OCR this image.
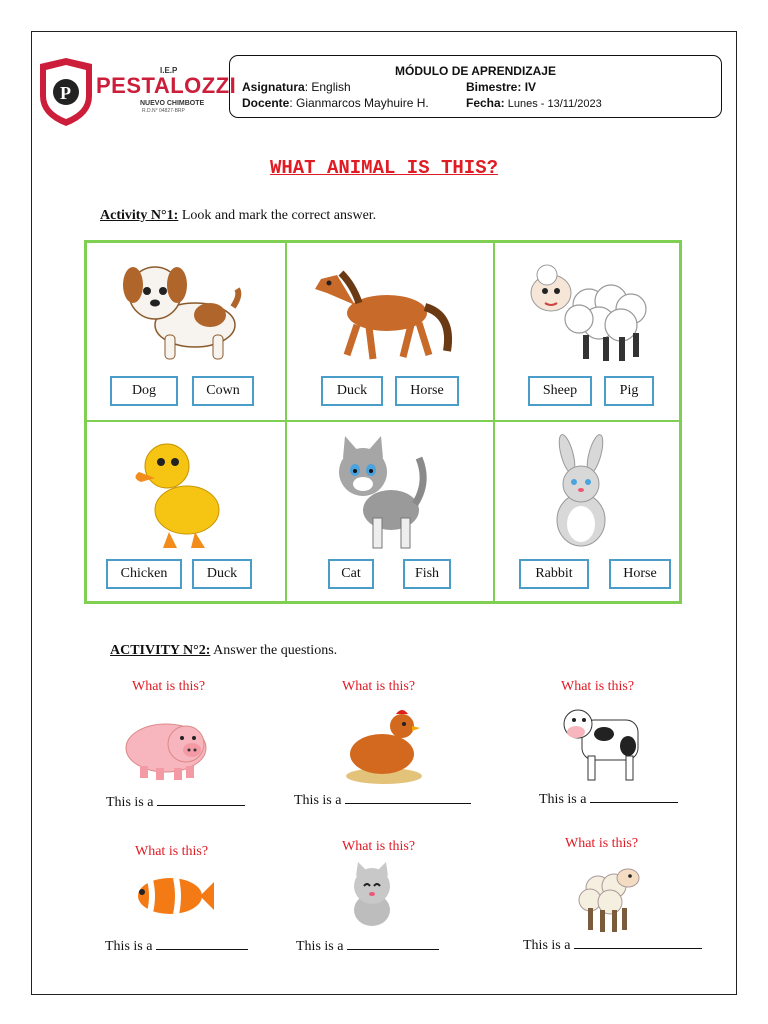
P
I.E.P
PESTALOZZI
NUEVO CHIMBOTE
R.D.N° 04827-BRP
MÓDULO DE APRENDIZAJE
Asignatura: English	Bimestre: IV
Docente: Gianmarcos Mayhuire H.	Fecha: Lunes - 13/11/2023
WHAT ANIMAL IS THIS?
Activity N°1: Look and mark the correct answer.
Dog	Cown	Duck	Horse	Sheep	Pig
Chicken	Duck	Cat	Fish	Rabbit	Horse
ACTIVITY N°2: Answer the questions.
What is this?	What is this?	What is this?
This is a	This is a	This is a
What is this?	What is this?	What is this?
This is a	This is a	This is a
